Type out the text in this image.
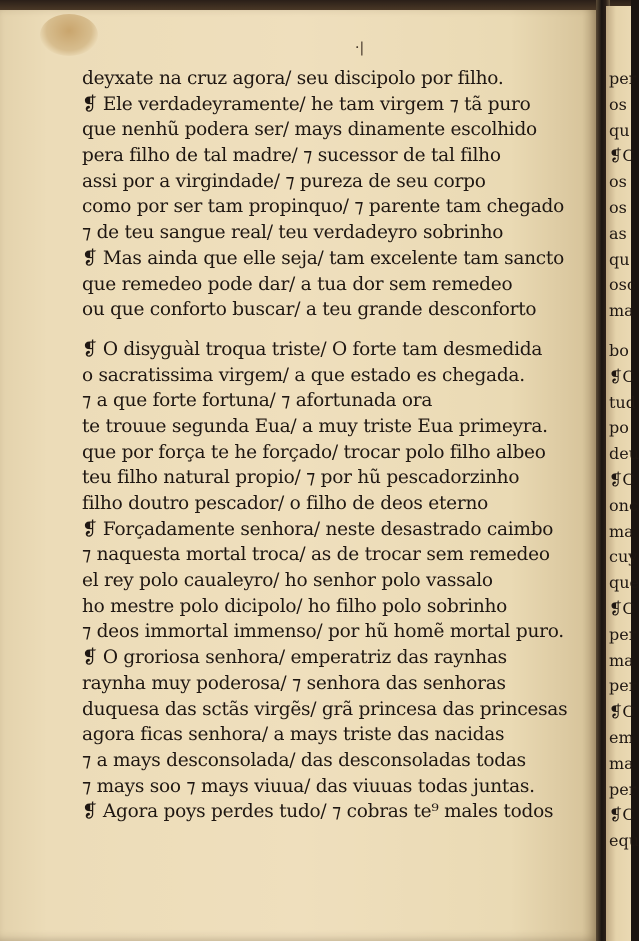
·|
deyxate na cruz agora/ seu discipolo por filho.
❡ Ele verdadeyramente/ he tam virgem ⁊ tã puro
que nenhũ podera ser/ mays dinamente escolhido
pera filho de tal madre/ ⁊ sucessor de tal filho
assi por a virgindade/ ⁊ pureza de seu corpo
como por ser tam propinquo/ ⁊ parente tam chegado
⁊ de teu sangue real/ teu verdadeyro sobrinho
❡ Mas ainda que elle seja/ tam excelente tam sancto
que remedeo pode dar/ a tua dor sem remedeo
ou que conforto buscar/ a teu grande desconforto
❡ O disyguàl troqua triste/ O forte tam desmedida
o sacratissima virgem/ a que estado es chegada.
⁊ a que forte fortuna/ ⁊ afortunada ora
te trouue segunda Eua/ a muy triste Eua primeyra.
que por força te he forçado/ trocar polo filho albeo
teu filho natural propio/ ⁊ por hũ pescadorzinho
filho doutro pescador/ o filho de deos eterno
❡ Forçadamente senhora/ neste desastrado caimbo
⁊ naquesta mortal troca/ as de trocar sem remedeo
el rey polo caualeyro/ ho senhor polo vassalo
ho mestre polo dicipolo/ ho filho polo sobrinho
⁊ deos immortal immenso/ por hũ homẽ mortal puro.
❡ O groriosa senhora/ emperatriz das raynhas
raynha muy poderosa/ ⁊ senhora das senhoras
duquesa das sctãs virgẽs/ grã princesa das princesas
agora ficas senhora/ a mays triste das nacidas
⁊ a mays desconsolada/ das desconsoladas todas
⁊ mays soo ⁊ mays viuua/ das viuuas todas juntas.
❡ Agora poys perdes tudo/ ⁊ cobras te⁹ males todos
per
os
qu
❡C
os
os
as
qu
osc
ma
bo
❡C
tud
po
deu
❡C
onc
ma
cuy
que
❡C
per
ma
per
❡C
em
ma
per
❡C
equ
